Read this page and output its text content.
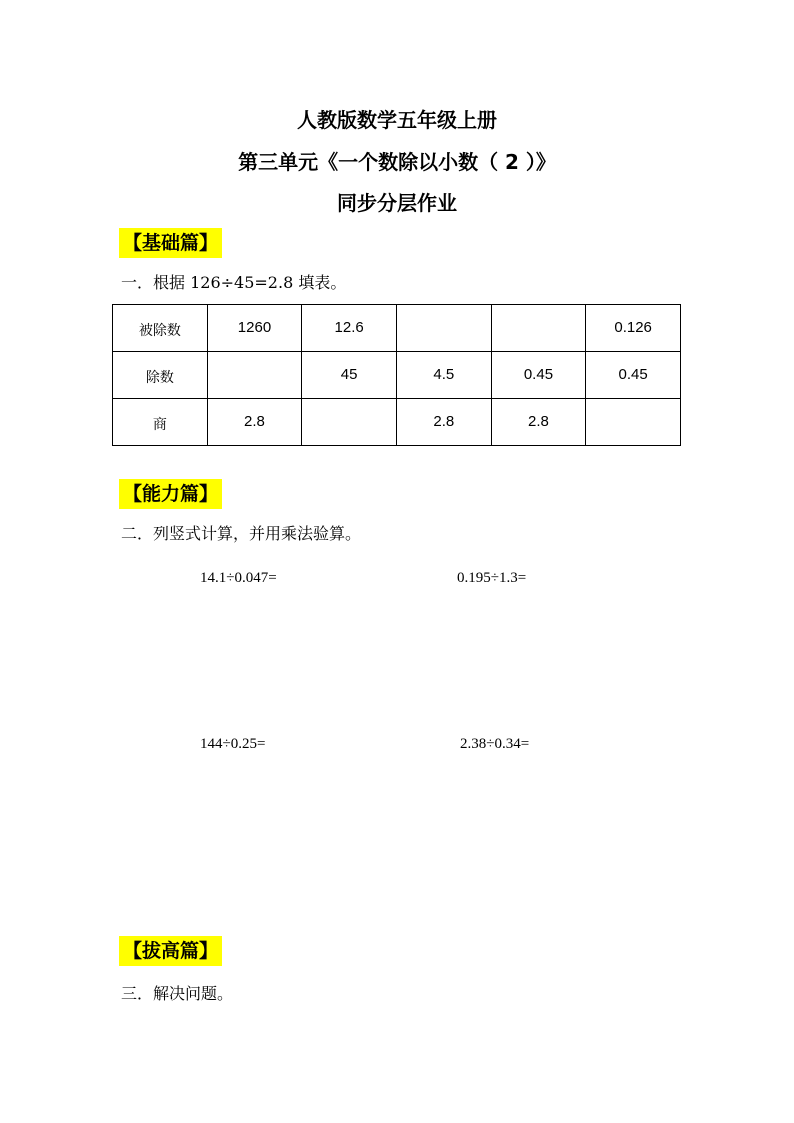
人教版数学五年级上册
第三单元《一个数除以小数（ 2 ）》
同步分层作业
【基础篇】
一．根据 126÷45=2.8 填表。
被除数	1260	12.6			0.126
除数		45	4.5	0.45	0.45
商	2.8		2.8	2.8	
【能力篇】
二．列竖式计算，并用乘法验算。
14.1÷0.047=	0.195÷1.3=
144÷0.25=	2.38÷0.34=
【拔高篇】
三．解决问题。
